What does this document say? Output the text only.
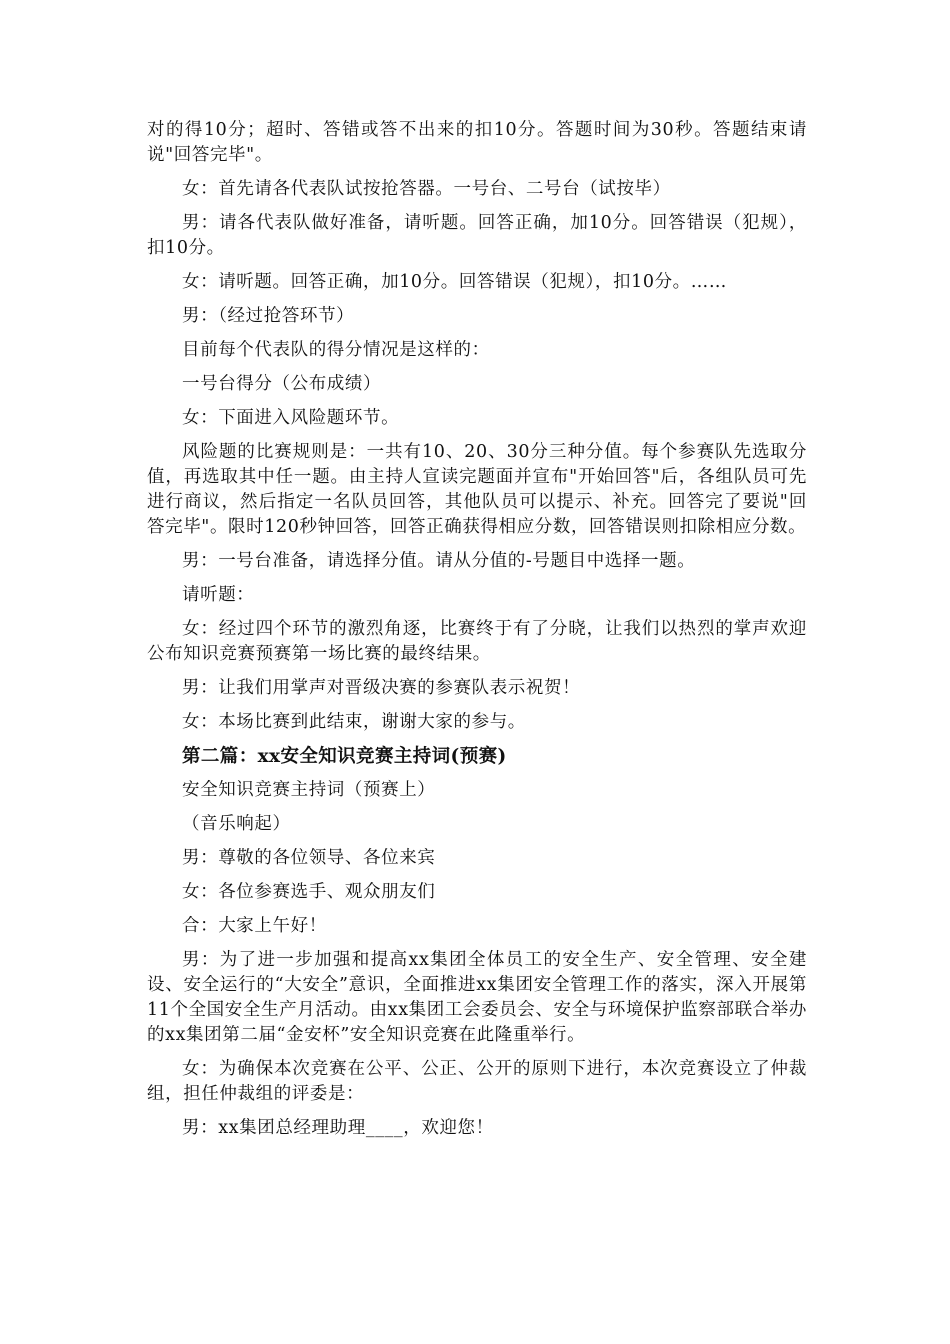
对的得10分；超时、答错或答不出来的扣10分。答题时间为30秒。答题结束请说"回答完毕"。

女：首先请各代表队试按抢答器。一号台、二号台（试按毕）

男：请各代表队做好准备，请听题。回答正确，加10分。回答错误（犯规），扣10分。

女：请听题。回答正确，加10分。回答错误（犯规），扣10分。……

男：（经过抢答环节）

目前每个代表队的得分情况是这样的：

一号台得分（公布成绩）

女：下面进入风险题环节。

风险题的比赛规则是：一共有10、20、30分三种分值。每个参赛队先选取分值，再选取其中任一题。由主持人宣读完题面并宣布"开始回答"后，各组队员可先进行商议，然后指定一名队员回答，其他队员可以提示、补充。回答完了要说"回答完毕"。限时120秒钟回答，回答正确获得相应分数，回答错误则扣除相应分数。

男：一号台准备，请选择分值。请从分值的-号题目中选择一题。

请听题：

女：经过四个环节的激烈角逐，比赛终于有了分晓，让我们以热烈的掌声欢迎公布知识竞赛预赛第一场比赛的最终结果。

男：让我们用掌声对晋级决赛的参赛队表示祝贺！

女：本场比赛到此结束，谢谢大家的参与。

第二篇：xx安全知识竞赛主持词(预赛)

安全知识竞赛主持词（预赛上）

（音乐响起）

男：尊敬的各位领导、各位来宾

女：各位参赛选手、观众朋友们

合：大家上午好！

男：为了进一步加强和提高xx集团全体员工的安全生产、安全管理、安全建设、安全运行的“大安全”意识，全面推进xx集团安全管理工作的落实，深入开展第11个全国安全生产月活动。由xx集团工会委员会、安全与环境保护监察部联合举办的xx集团第二届“金安杯”安全知识竞赛在此隆重举行。

女：为确保本次竞赛在公平、公正、公开的原则下进行，本次竞赛设立了仲裁组，担任仲裁组的评委是：

男：xx集团总经理助理____，欢迎您！
